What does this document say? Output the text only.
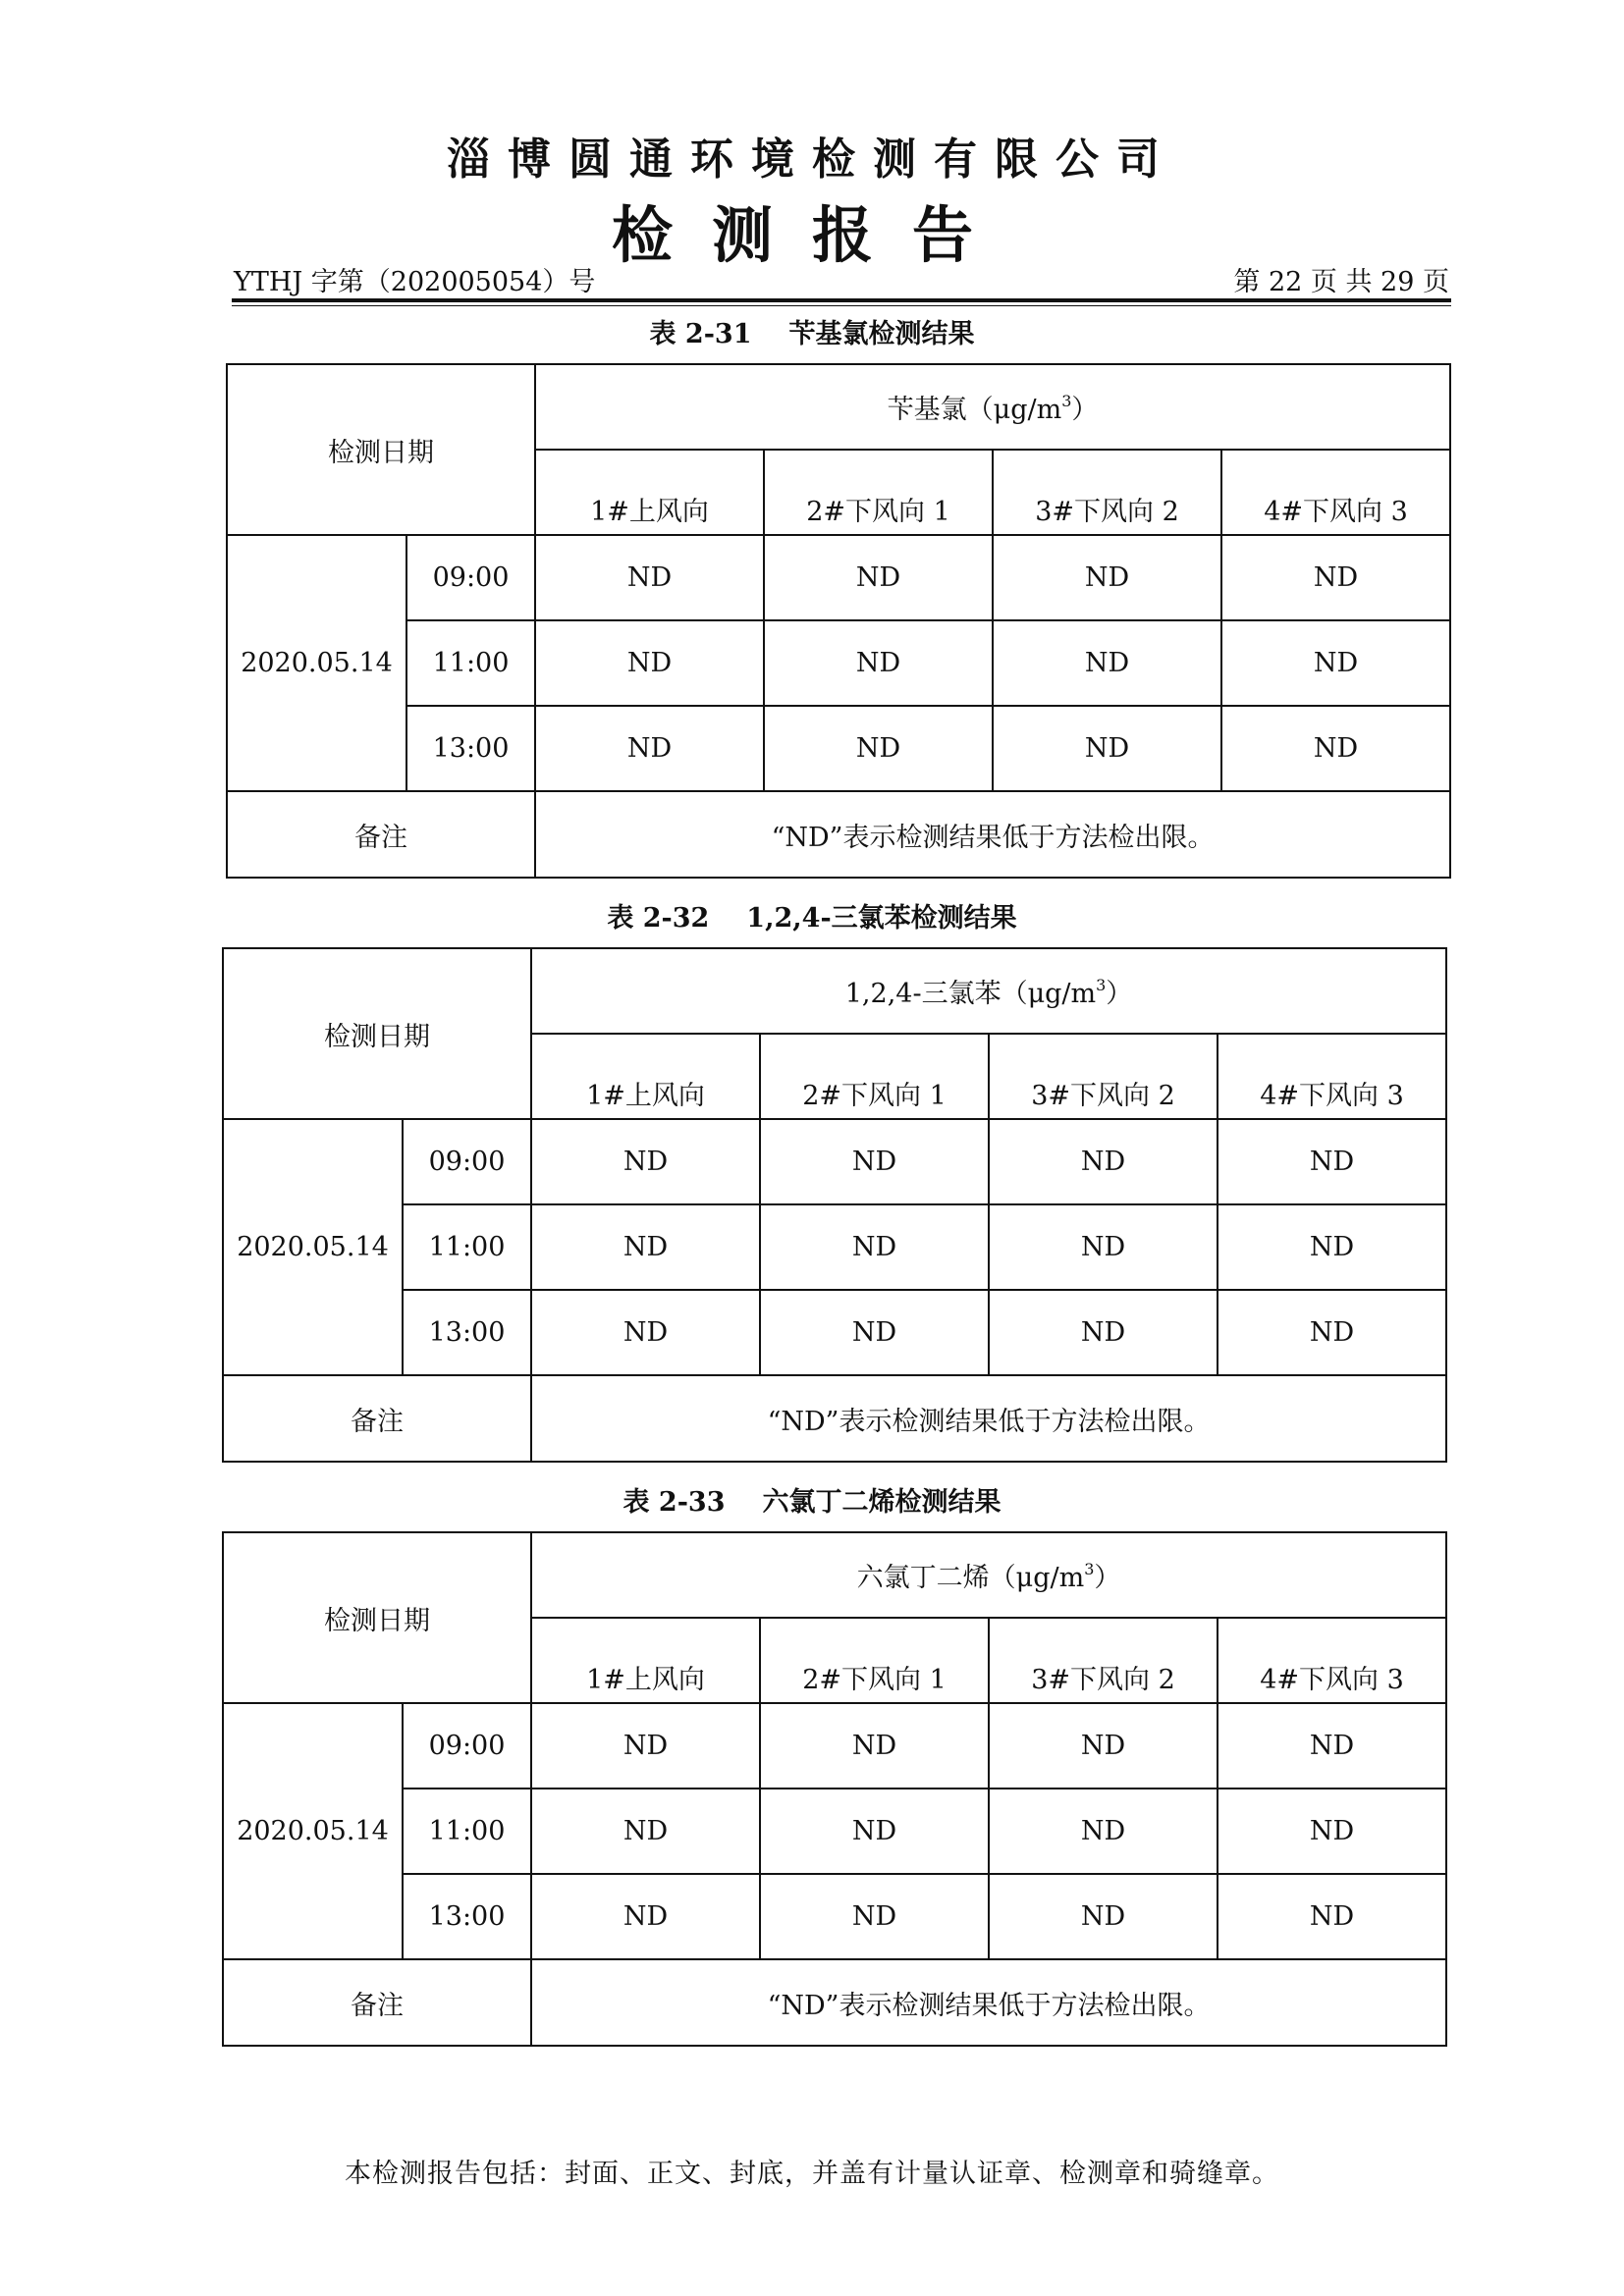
淄博圆通环境检测有限公司
检测报告
YTHJ 字第（202005054）号	第 22 页 共 29 页
表 2-31 苄基氯检测结果
检测日期		苄基氯$(\mu g/m^3)$			
		1#上风向	2#下风向 1	3#下风向 2	4#下风向 3
2020.05.14	09:00	ND	ND	ND	ND
	11:00	ND	ND	ND	ND
	13:00	ND	ND	ND	ND
备注		“ND”表示检测结果低于方法检出限。			
表 2-32 1,2,4-三氯苯检测结果
检测日期		1,2,4-三氯苯$(\mu g/m^3)$			
		1#上风向	2#下风向 1	3#下风向 2	4#下风向 3
2020.05.14	09:00	ND	ND	ND	ND
	11:00	ND	ND	ND	ND
	13:00	ND	ND	ND	ND
备注		“ND”表示检测结果低于方法检出限。			
表 2-33 六氯丁二烯检测结果
检测日期		六氯丁二烯$(\mu g/m^3)$			
		1#上风向	2#下风向 1	3#下风向 2	4#下风向 3
2020.05.14	09:00	ND	ND	ND	ND
	11:00	ND	ND	ND	ND
	13:00	ND	ND	ND	ND
备注		“ND”表示检测结果低于方法检出限。			
本检测报告包括：封面、正文、封底，并盖有计量认证章、检测章和骑缝章。
